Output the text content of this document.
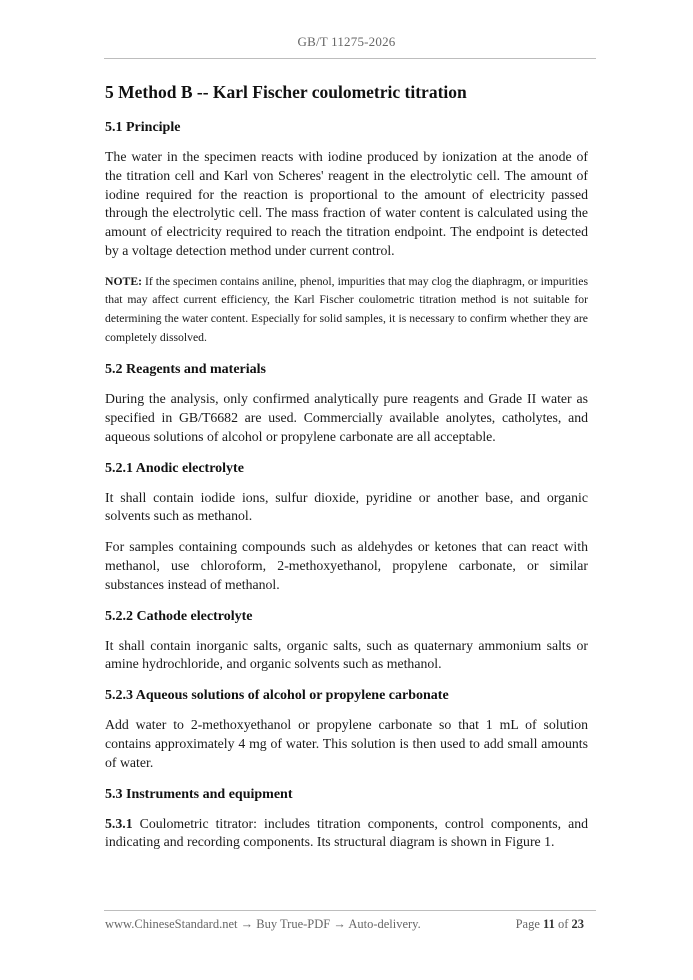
GB/T 11275-2026
5 Method B -- Karl Fischer coulometric titration
5.1 Principle

The water in the specimen reacts with iodine produced by ionization at the anode of the titration cell and Karl von Scheres' reagent in the electrolytic cell. The amount of iodine required for the reaction is proportional to the amount of electricity passed through the electrolytic cell. The mass fraction of water content is calculated using the amount of electricity required to reach the titration endpoint. The endpoint is detected by a voltage detection method under current control.

NOTE: If the specimen contains aniline, phenol, impurities that may clog the diaphragm, or impurities that may affect current efficiency, the Karl Fischer coulometric titration method is not suitable for determining the water content. Especially for solid samples, it is necessary to confirm whether they are completely dissolved.

5.2 Reagents and materials

During the analysis, only confirmed analytically pure reagents and Grade II water as specified in GB/T6682 are used. Commercially available anolytes, catholytes, and aqueous solutions of alcohol or propylene carbonate are all acceptable.

5.2.1 Anodic electrolyte

It shall contain iodide ions, sulfur dioxide, pyridine or another base, and organic solvents such as methanol.

For samples containing compounds such as aldehydes or ketones that can react with methanol, use chloroform, 2-methoxyethanol, propylene carbonate, or similar substances instead of methanol.

5.2.2 Cathode electrolyte

It shall contain inorganic salts, organic salts, such as quaternary ammonium salts or amine hydrochloride, and organic solvents such as methanol.

5.2.3 Aqueous solutions of alcohol or propylene carbonate

Add water to 2-methoxyethanol or propylene carbonate so that 1 mL of solution contains approximately 4 mg of water. This solution is then used to add small amounts of water.

5.3 Instruments and equipment

5.3.1 Coulometric titrator: includes titration components, control components, and indicating and recording components. Its structural diagram is shown in Figure 1.

www.ChineseStandard.net → Buy True-PDF → Auto-delivery.	Page 11 of 23
